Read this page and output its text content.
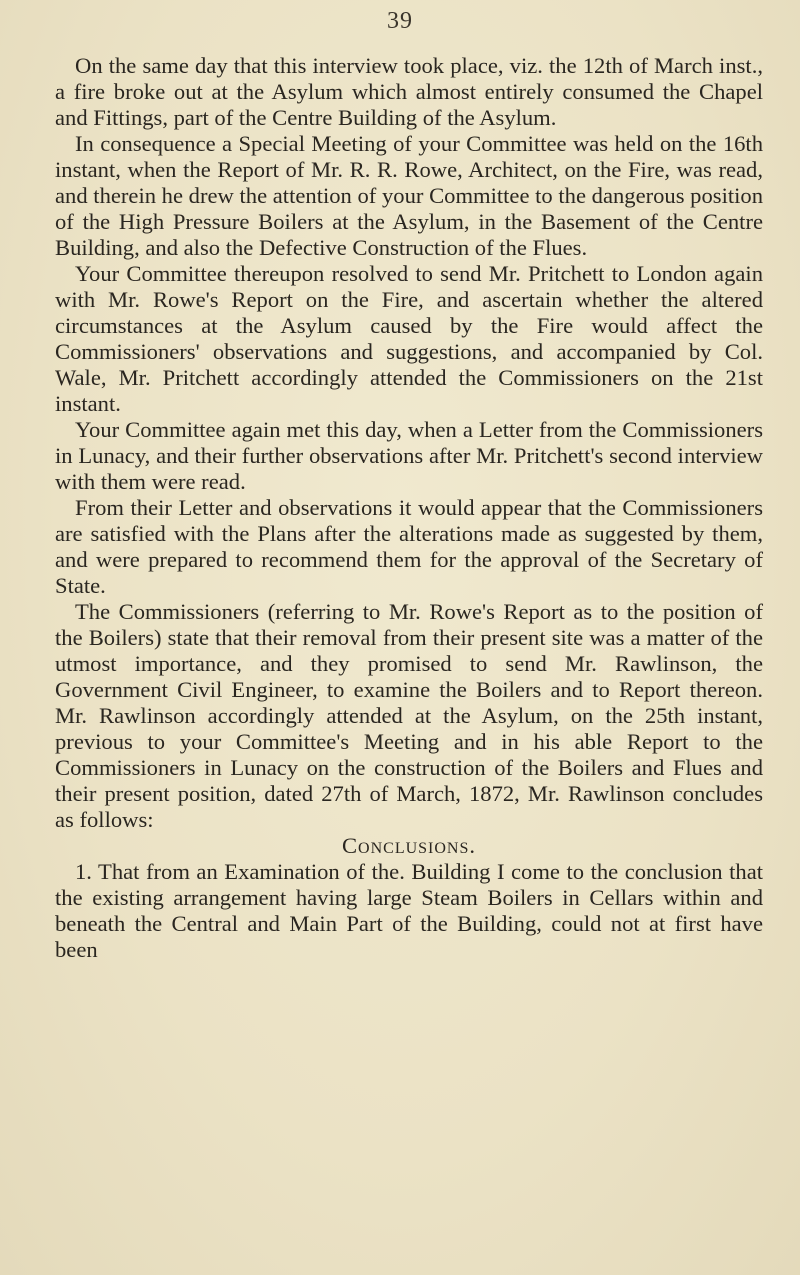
39

On the same day that this interview took place, viz. the 12th of March inst., a fire broke out at the Asylum which almost entirely consumed the Chapel and Fittings, part of the Centre Building of the Asylum.

In consequence a Special Meeting of your Committee was held on the 16th instant, when the Report of Mr. R. R. Rowe, Architect, on the Fire, was read, and therein he drew the attention of your Committee to the dangerous position of the High Pressure Boilers at the Asylum, in the Basement of the Centre Building, and also the Defective Construction of the Flues.

Your Committee thereupon resolved to send Mr. Pritchett to London again with Mr. Rowe's Report on the Fire, and ascertain whether the altered circumstances at the Asylum caused by the Fire would affect the Commissioners' observations and suggestions, and accompanied by Col. Wale, Mr. Pritchett accordingly attended the Commissioners on the 21st instant.

Your Committee again met this day, when a Letter from the Commissioners in Lunacy, and their further observations after Mr. Pritchett's second interview with them were read.

From their Letter and observations it would appear that the Commissioners are satisfied with the Plans after the alterations made as suggested by them, and were prepared to recommend them for the approval of the Secretary of State.

The Commissioners (referring to Mr. Rowe's Report as to the position of the Boilers) state that their removal from their present site was a matter of the utmost importance, and they promised to send Mr. Rawlinson, the Government Civil Engineer, to examine the Boilers and to Report thereon. Mr. Rawlinson accordingly attended at the Asylum, on the 25th instant, previous to your Committee's Meeting and in his able Report to the Commissioners in Lunacy on the construction of the Boilers and Flues and their present position, dated 27th of March, 1872, Mr. Rawlinson concludes as follows:

Conclusions.

1. That from an Examination of the. Building I come to the conclusion that the existing arrangement having large Steam Boilers in Cellars within and beneath the Central and Main Part of the Building, could not at first have been
